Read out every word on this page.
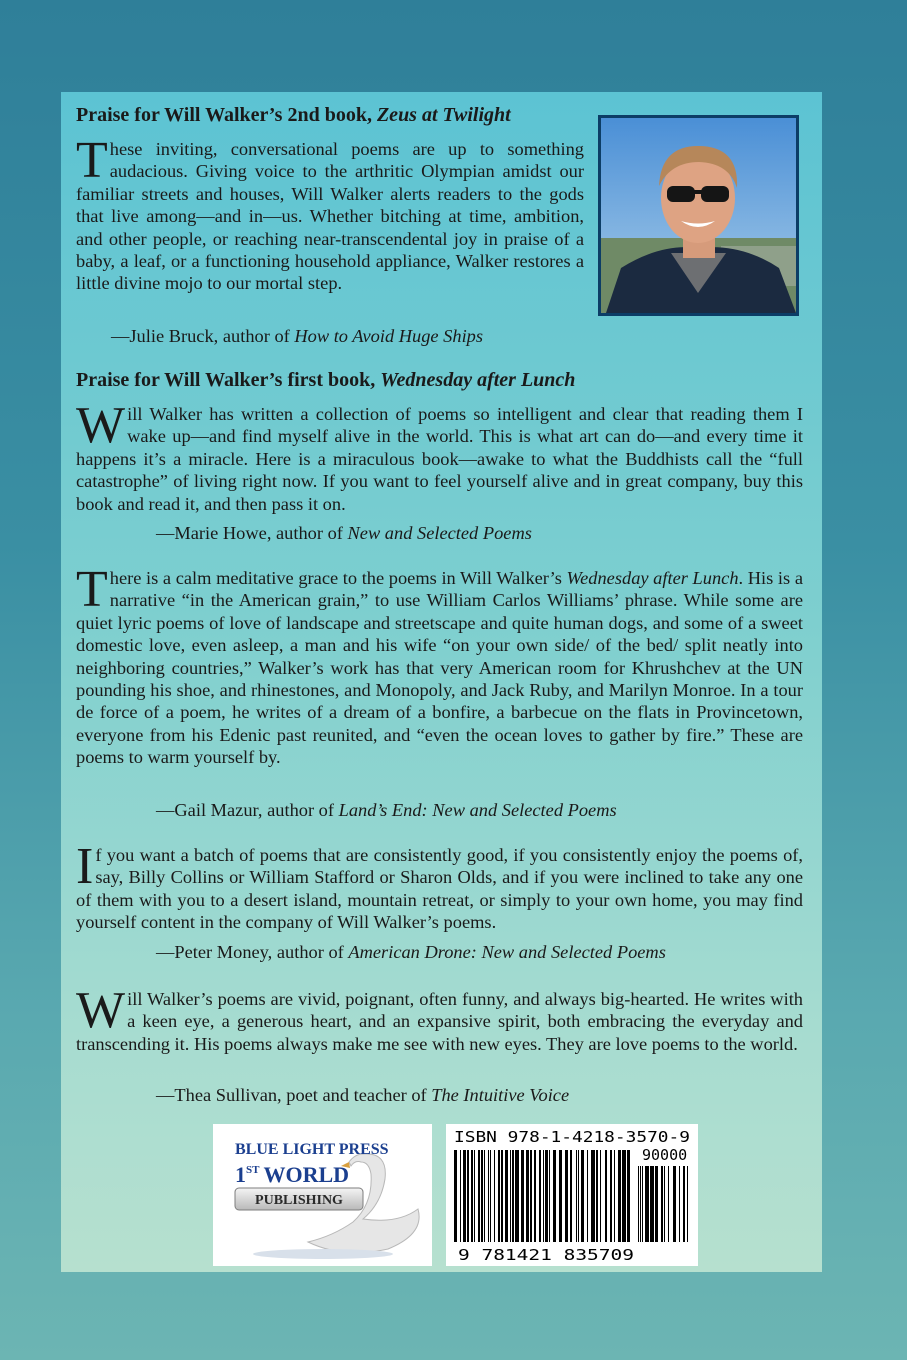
Praise for Will Walker’s 2nd book, Zeus at Twilight

These inviting, conversational poems are up to something audacious. Giving voice to the arthritic Olympian amidst our familiar streets and houses, Will Walker alerts readers to the gods that live among—and in—us. Whether bitching at time, ambition, and other people, or reaching near-transcendental joy in praise of a baby, a leaf, or a functioning household appliance, Walker restores a little divine mojo to our mortal step.

—Julie Bruck, author of How to Avoid Huge Ships

Praise for Will Walker’s first book, Wednesday after Lunch

Will Walker has written a collection of poems so intelligent and clear that reading them I wake up—and find myself alive in the world. This is what art can do—and every time it happens it’s a miracle. Here is a miraculous book—awake to what the Buddhists call the “full catastrophe” of living right now. If you want to feel yourself alive and in great company, buy this book and read it, and then pass it on.

—Marie Howe, author of New and Selected Poems

There is a calm meditative grace to the poems in Will Walker’s Wednesday after Lunch. His is a narrative “in the American grain,” to use William Carlos Williams’ phrase. While some are quiet lyric poems of love of landscape and streetscape and quite human dogs, and some of a sweet domestic love, even asleep, a man and his wife “on your own side/ of the bed/ split neatly into neighboring countries,” Walker’s work has that very American room for Khrushchev at the UN pounding his shoe, and rhinestones, and Monopoly, and Jack Ruby, and Marilyn Monroe. In a tour de force of a poem, he writes of a dream of a bonfire, a barbecue on the flats in Provincetown, everyone from his Edenic past reunited, and “even the ocean loves to gather by fire.” These are poems to warm yourself by.

—Gail Mazur, author of Land’s End: New and Selected Poems

If you want a batch of poems that are consistently good, if you consistently enjoy the poems of, say, Billy Collins or William Stafford or Sharon Olds, and if you were inclined to take any one of them with you to a desert island, mountain retreat, or simply to your own home, you may find yourself content in the company of Will Walker’s poems.

—Peter Money, author of American Drone: New and Selected Poems

Will Walker’s poems are vivid, poignant, often funny, and always big-hearted. He writes with a keen eye, a generous heart, and an expansive spirit, both embracing the everyday and transcending it. His poems always make me see with new eyes. They are love poems to the world.

—Thea Sullivan, poet and teacher of The Intuitive Voice

BLUE LIGHT PRESS
1ST WORLD
PUBLISHING
ISBN 978-1-4218-3570-9
90000
9 781421 835709
